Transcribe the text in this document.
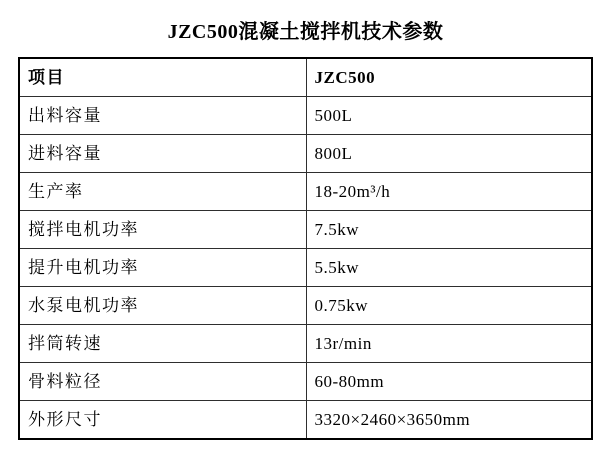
JZC500混凝土搅拌机技术参数
项目	JZC500
出料容量	500L
进料容量	800L
生产率	18-20m³/h
搅拌电机功率	7.5kw
提升电机功率	5.5kw
水泵电机功率	0.75kw
拌筒转速	13r/min
骨料粒径	60-80mm
外形尺寸	3320×2460×3650mm
